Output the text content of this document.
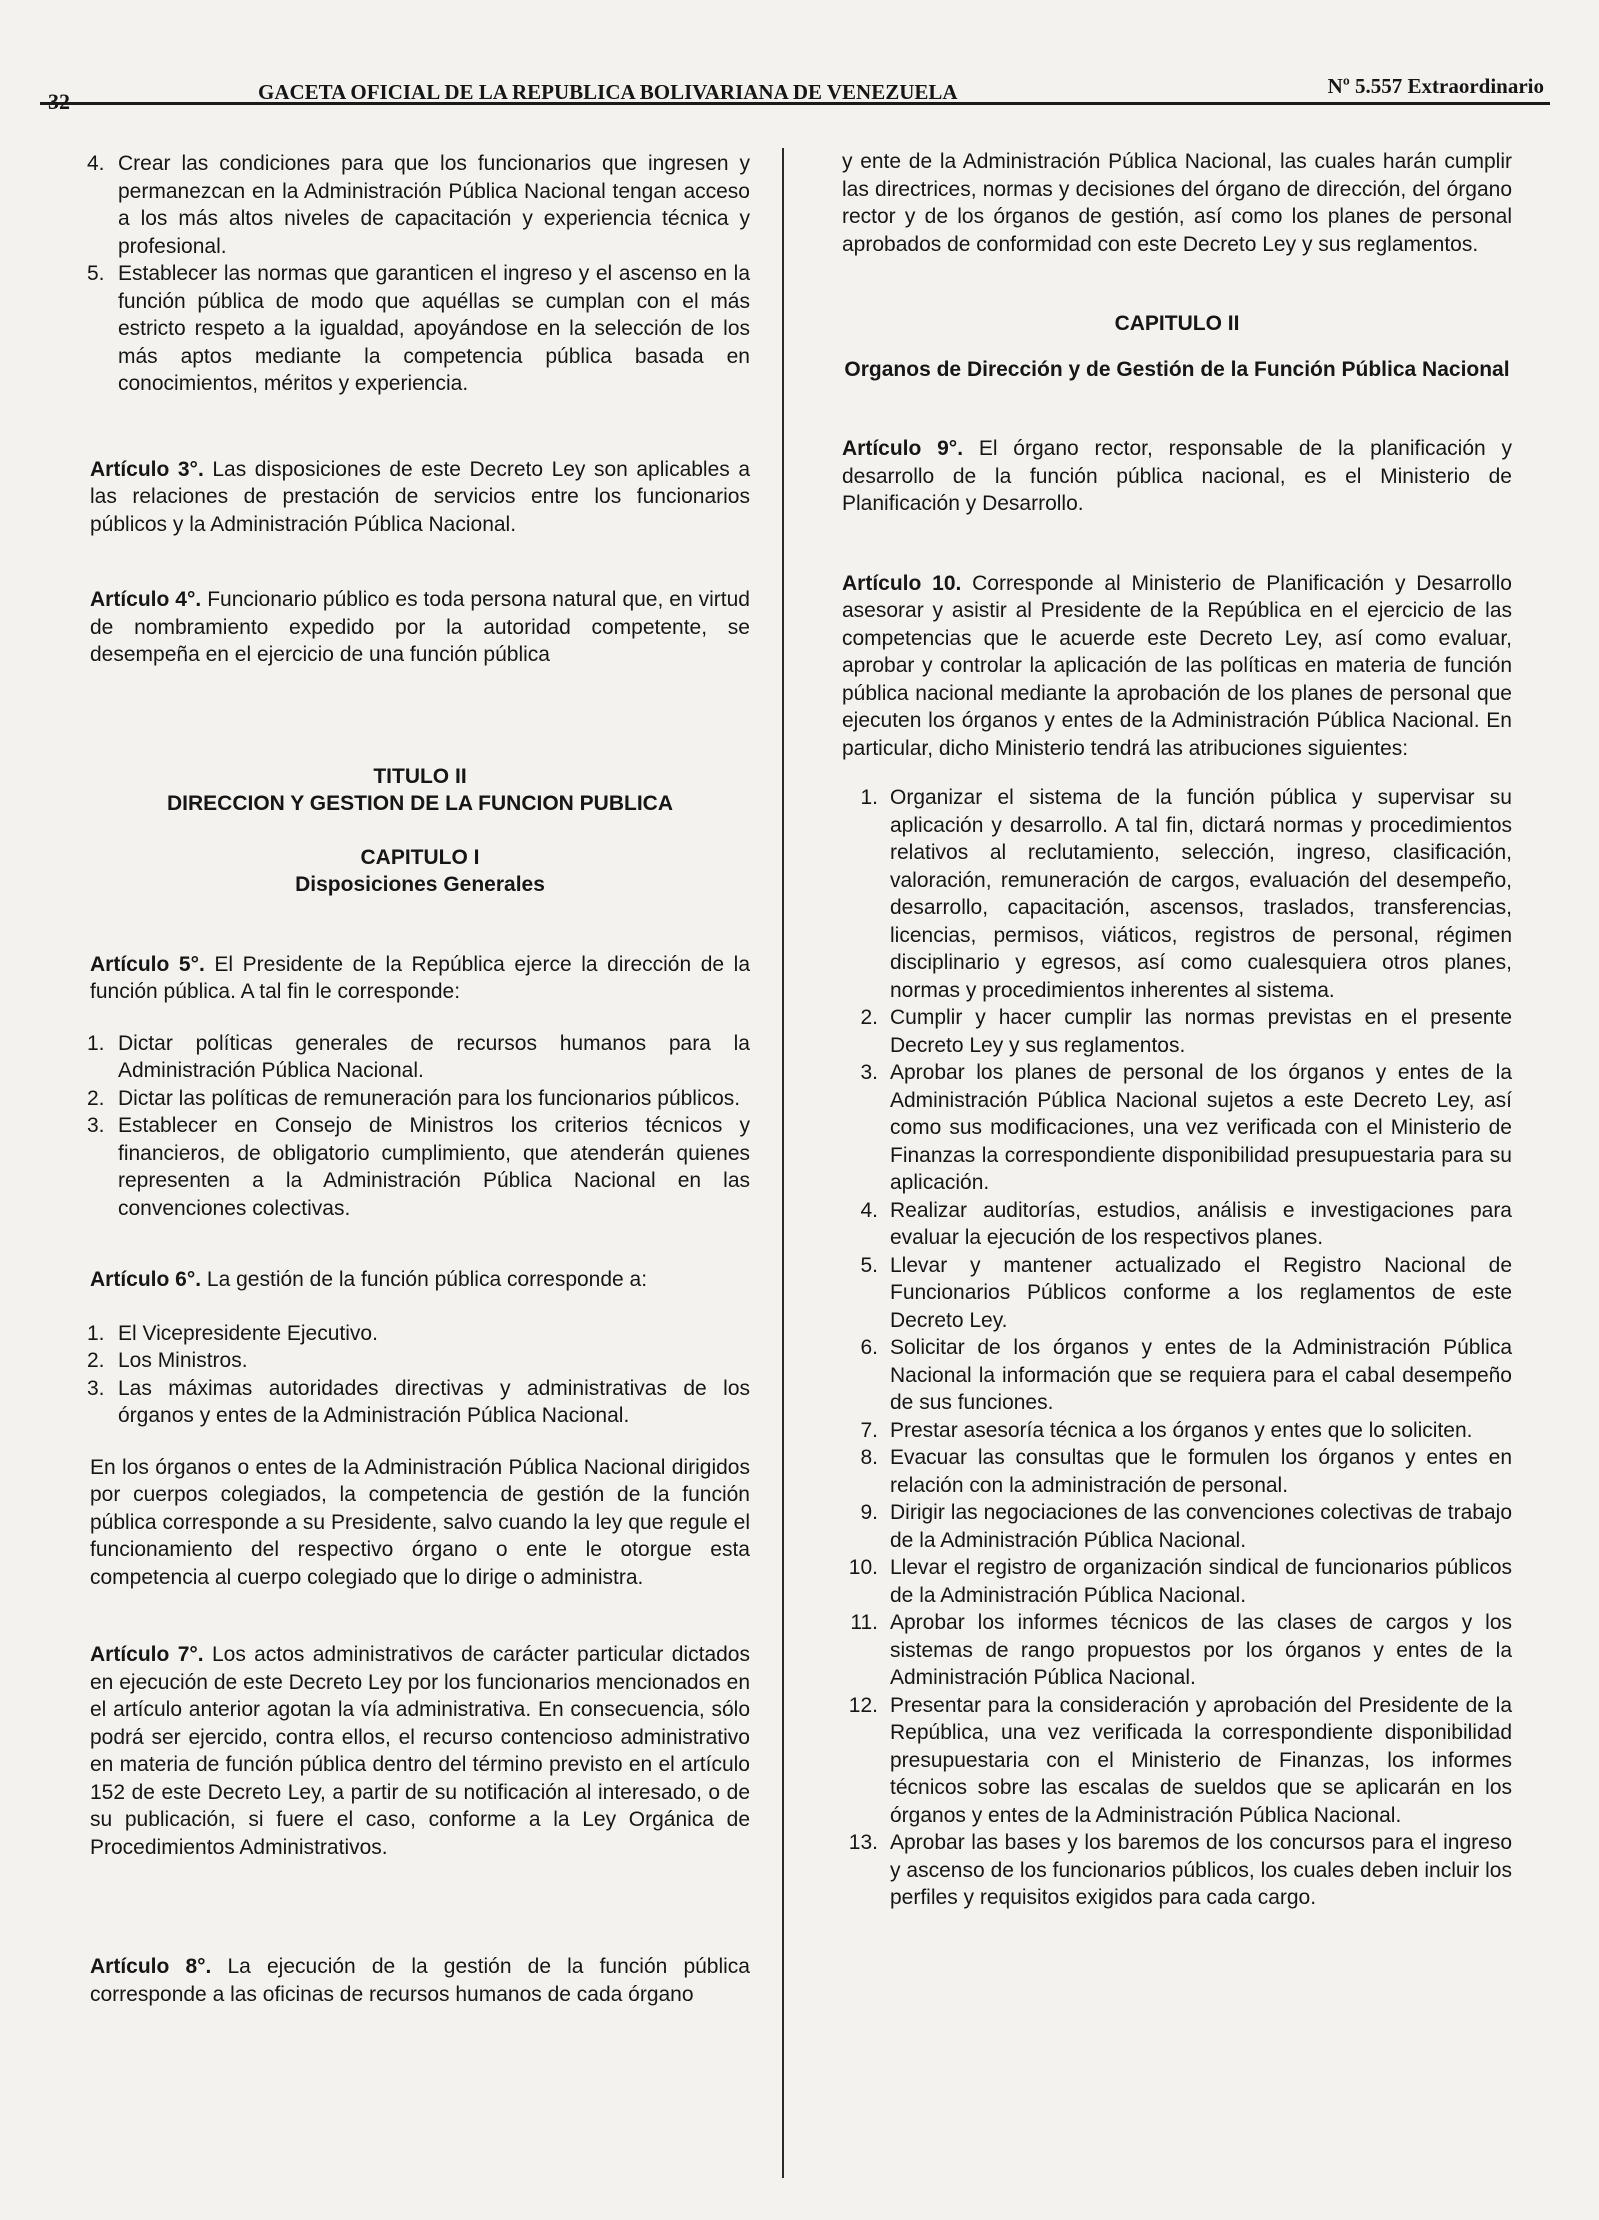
32	GACETA OFICIAL DE LA REPUBLICA BOLIVARIANA DE VENEZUELA	Nº 5.557 Extraordinario
4. Crear las condiciones para que los funcionarios que ingresen y permanezcan en la Administración Pública Nacional tengan acceso a los más altos niveles de capacitación y experiencia técnica y profesional.
5. Establecer las normas que garanticen el ingreso y el ascenso en la función pública de modo que aquéllas se cumplan con el más estricto respeto a la igualdad, apoyándose en la selección de los más aptos mediante la competencia pública basada en conocimientos, méritos y experiencia.

Artículo 3°. Las disposiciones de este Decreto Ley son aplicables a las relaciones de prestación de servicios entre los funcionarios públicos y la Administración Pública Nacional.

Artículo 4°. Funcionario público es toda persona natural que, en virtud de nombramiento expedido por la autoridad competente, se desempeña en el ejercicio de una función pública

TITULO II
DIRECCION Y GESTION DE LA FUNCION PUBLICA
CAPITULO I
Disposiciones Generales

Artículo 5°. El Presidente de la República ejerce la dirección de la función pública. A tal fin le corresponde:

1. Dictar políticas generales de recursos humanos para la Administración Pública Nacional.
2. Dictar las políticas de remuneración para los funcionarios públicos.
3. Establecer en Consejo de Ministros los criterios técnicos y financieros, de obligatorio cumplimiento, que atenderán quienes representen a la Administración Pública Nacional en las convenciones colectivas.

Artículo 6°. La gestión de la función pública corresponde a:

1. El Vicepresidente Ejecutivo.
2. Los Ministros.
3. Las máximas autoridades directivas y administrativas de los órganos y entes de la Administración Pública Nacional.

En los órganos o entes de la Administración Pública Nacional dirigidos por cuerpos colegiados, la competencia de gestión de la función pública corresponde a su Presidente, salvo cuando la ley que regule el funcionamiento del respectivo órgano o ente le otorgue esta competencia al cuerpo colegiado que lo dirige o administra.

Artículo 7°. Los actos administrativos de carácter particular dictados en ejecución de este Decreto Ley por los funcionarios mencionados en el artículo anterior agotan la vía administrativa. En consecuencia, sólo podrá ser ejercido, contra ellos, el recurso contencioso administrativo en materia de función pública dentro del término previsto en el artículo 152 de este Decreto Ley, a partir de su notificación al interesado, o de su publicación, si fuere el caso, conforme a la Ley Orgánica de Procedimientos Administrativos.

Artículo 8°. La ejecución de la gestión de la función pública corresponde a las oficinas de recursos humanos de cada órgano

y ente de la Administración Pública Nacional, las cuales harán cumplir las directrices, normas y decisiones del órgano de dirección, del órgano rector y de los órganos de gestión, así como los planes de personal aprobados de conformidad con este Decreto Ley y sus reglamentos.

CAPITULO II
Organos de Dirección y de Gestión de la Función Pública Nacional

Artículo 9°. El órgano rector, responsable de la planificación y desarrollo de la función pública nacional, es el Ministerio de Planificación y Desarrollo.

Artículo 10. Corresponde al Ministerio de Planificación y Desarrollo asesorar y asistir al Presidente de la República en el ejercicio de las competencias que le acuerde este Decreto Ley, así como evaluar, aprobar y controlar la aplicación de las políticas en materia de función pública nacional mediante la aprobación de los planes de personal que ejecuten los órganos y entes de la Administración Pública Nacional. En particular, dicho Ministerio tendrá las atribuciones siguientes:

1. Organizar el sistema de la función pública y supervisar su aplicación y desarrollo. A tal fin, dictará normas y procedimientos relativos al reclutamiento, selección, ingreso, clasificación, valoración, remuneración de cargos, evaluación del desempeño, desarrollo, capacitación, ascensos, traslados, transferencias, licencias, permisos, viáticos, registros de personal, régimen disciplinario y egresos, así como cualesquiera otros planes, normas y procedimientos inherentes al sistema.
2. Cumplir y hacer cumplir las normas previstas en el presente Decreto Ley y sus reglamentos.
3. Aprobar los planes de personal de los órganos y entes de la Administración Pública Nacional sujetos a este Decreto Ley, así como sus modificaciones, una vez verificada con el Ministerio de Finanzas la correspondiente disponibilidad presupuestaria para su aplicación.
4. Realizar auditorías, estudios, análisis e investigaciones para evaluar la ejecución de los respectivos planes.
5. Llevar y mantener actualizado el Registro Nacional de Funcionarios Públicos conforme a los reglamentos de este Decreto Ley.
6. Solicitar de los órganos y entes de la Administración Pública Nacional la información que se requiera para el cabal desempeño de sus funciones.
7. Prestar asesoría técnica a los órganos y entes que lo soliciten.
8. Evacuar las consultas que le formulen los órganos y entes en relación con la administración de personal.
9. Dirigir las negociaciones de las convenciones colectivas de trabajo de la Administración Pública Nacional.
10. Llevar el registro de organización sindical de funcionarios públicos de la Administración Pública Nacional.
11. Aprobar los informes técnicos de las clases de cargos y los sistemas de rango propuestos por los órganos y entes de la Administración Pública Nacional.
12. Presentar para la consideración y aprobación del Presidente de la República, una vez verificada la correspondiente disponibilidad presupuestaria con el Ministerio de Finanzas, los informes técnicos sobre las escalas de sueldos que se aplicarán en los órganos y entes de la Administración Pública Nacional.
13. Aprobar las bases y los baremos de los concursos para el ingreso y ascenso de los funcionarios públicos, los cuales deben incluir los perfiles y requisitos exigidos para cada cargo.
